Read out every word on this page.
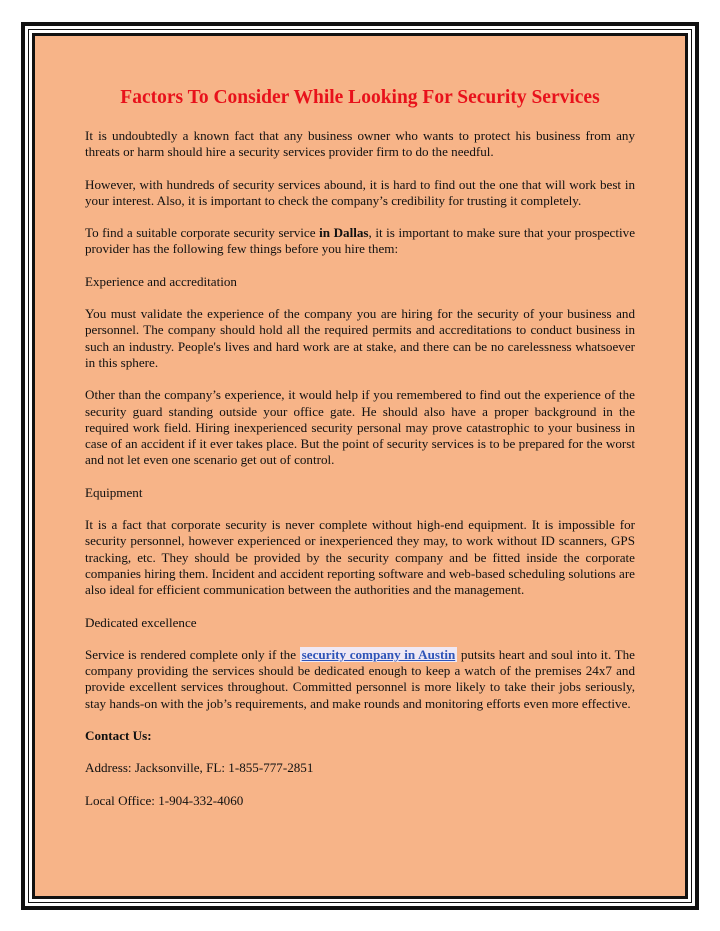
Factors To Consider While Looking For Security Services

It is undoubtedly a known fact that any business owner who wants to protect his business from any threats or harm should hire a security services provider firm to do the needful.

However, with hundreds of security services abound, it is hard to find out the one that will work best in your interest. Also, it is important to check the company’s credibility for trusting it completely.

To find a suitable corporate security service in Dallas, it is important to make sure that your prospective provider has the following few things before you hire them:

Experience and accreditation

You must validate the experience of the company you are hiring for the security of your business and personnel. The company should hold all the required permits and accreditations to conduct business in such an industry. People's lives and hard work are at stake, and there can be no carelessness whatsoever in this sphere.

Other than the company’s experience, it would help if you remembered to find out the experience of the security guard standing outside your office gate. He should also have a proper background in the required work field. Hiring inexperienced security personal may prove catastrophic to your business in case of an accident if it ever takes place. But the point of security services is to be prepared for the worst and not let even one scenario get out of control.

Equipment

It is a fact that corporate security is never complete without high-end equipment. It is impossible for security personnel, however experienced or inexperienced they may, to work without ID scanners, GPS tracking, etc. They should be provided by the security company and be fitted inside the corporate companies hiring them. Incident and accident reporting software and web-based scheduling solutions are also ideal for efficient communication between the authorities and the management.

Dedicated excellence

Service is rendered complete only if the security company in Austin putsits heart and soul into it. The company providing the services should be dedicated enough to keep a watch of the premises 24x7 and provide excellent services throughout. Committed personnel is more likely to take their jobs seriously, stay hands-on with the job’s requirements, and make rounds and monitoring efforts even more effective.

Contact Us:

Address: Jacksonville, FL: 1-855-777-2851

Local Office: 1-904-332-4060
